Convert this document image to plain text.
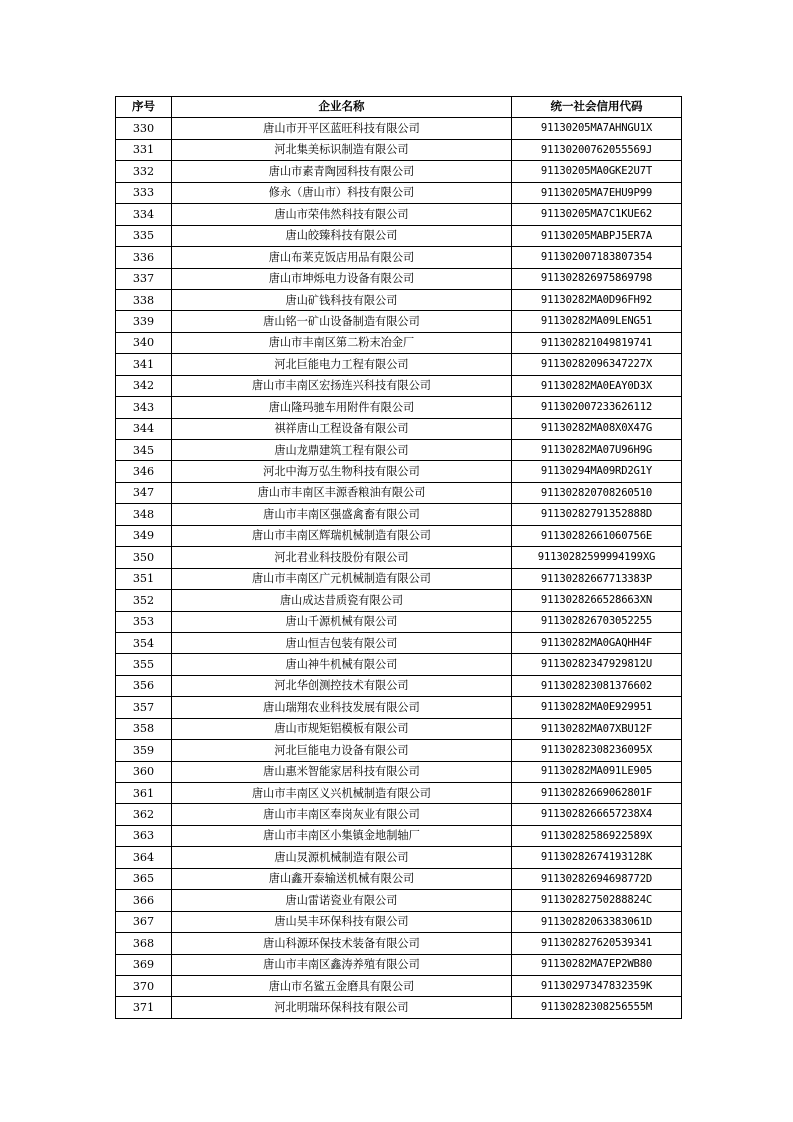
序号	企业名称	统一社会信用代码
330	唐山市开平区蓝旺科技有限公司	91130205MA7AHNGU1X
331	河北集美标识制造有限公司	91130200762055569J
332	唐山市素青陶园科技有限公司	91130205MA0GKE2U7T
333	修永（唐山市）科技有限公司	91130205MA7EHU9P99
334	唐山市荣伟然科技有限公司	91130205MA7C1KUE62
335	唐山皎臻科技有限公司	91130205MABPJ5ER7A
336	唐山布莱克饭店用品有限公司	911302007183807354
337	唐山市坤烁电力设备有限公司	911302826975869798
338	唐山矿钱科技有限公司	91130282MA0D96FH92
339	唐山铭一矿山设备制造有限公司	91130282MA09LENG51
340	唐山市丰南区第二粉末冶金厂	911302821049819741
341	河北巨能电力工程有限公司	91130282096347227X
342	唐山市丰南区宏扬连兴科技有限公司	91130282MA0EAY0D3X
343	唐山隆玛驰车用附件有限公司	911302007233626112
344	祺祥唐山工程设备有限公司	91130282MA08X0X47G
345	唐山龙鼎建筑工程有限公司	91130282MA07U96H9G
346	河北中海万弘生物科技有限公司	91130294MA09RD2G1Y
347	唐山市丰南区丰源香粮油有限公司	911302820708260510
348	唐山市丰南区强盛禽畜有限公司	91130282791352888D
349	唐山市丰南区辉瑞机械制造有限公司	91130282661060756E
350	河北君业科技股份有限公司	91130282599994199XG
351	唐山市丰南区广元机械制造有限公司	91130282667713383P
352	唐山成达昔质瓷有限公司	9113028266528663XN
353	唐山千源机械有限公司	911302826703052255
354	唐山恒吉包装有限公司	91130282MA0GAQHH4F
355	唐山神牛机械有限公司	91130282347929812U
356	河北华创测控技术有限公司	911302823081376602
357	唐山瑞翔农业科技发展有限公司	91130282MA0E929951
358	唐山市规矩铝模板有限公司	91130282MA07XBU12F
359	河北巨能电力设备有限公司	91130282308236095X
360	唐山惠米智能家居科技有限公司	91130282MA091LE905
361	唐山市丰南区义兴机械制造有限公司	91130282669062801F
362	唐山市丰南区奉岗灰业有限公司	9113028266657238X4
363	唐山市丰南区小集镇金地制轴厂	91130282586922589X
364	唐山炅源机械制造有限公司	91130282674193128K
365	唐山鑫开泰输送机械有限公司	91130282694698772D
366	唐山雷诺瓷业有限公司	91130282750288824C
367	唐山昊丰环保科技有限公司	91130282063383061D
368	唐山科源环保技术装备有限公司	911302827620539341
369	唐山市丰南区鑫涛养殖有限公司	91130282MA7EP2WB80
370	唐山市名鲨五金磨具有限公司	91130297347832359K
371	河北明瑞环保科技有限公司	91130282308256555M
